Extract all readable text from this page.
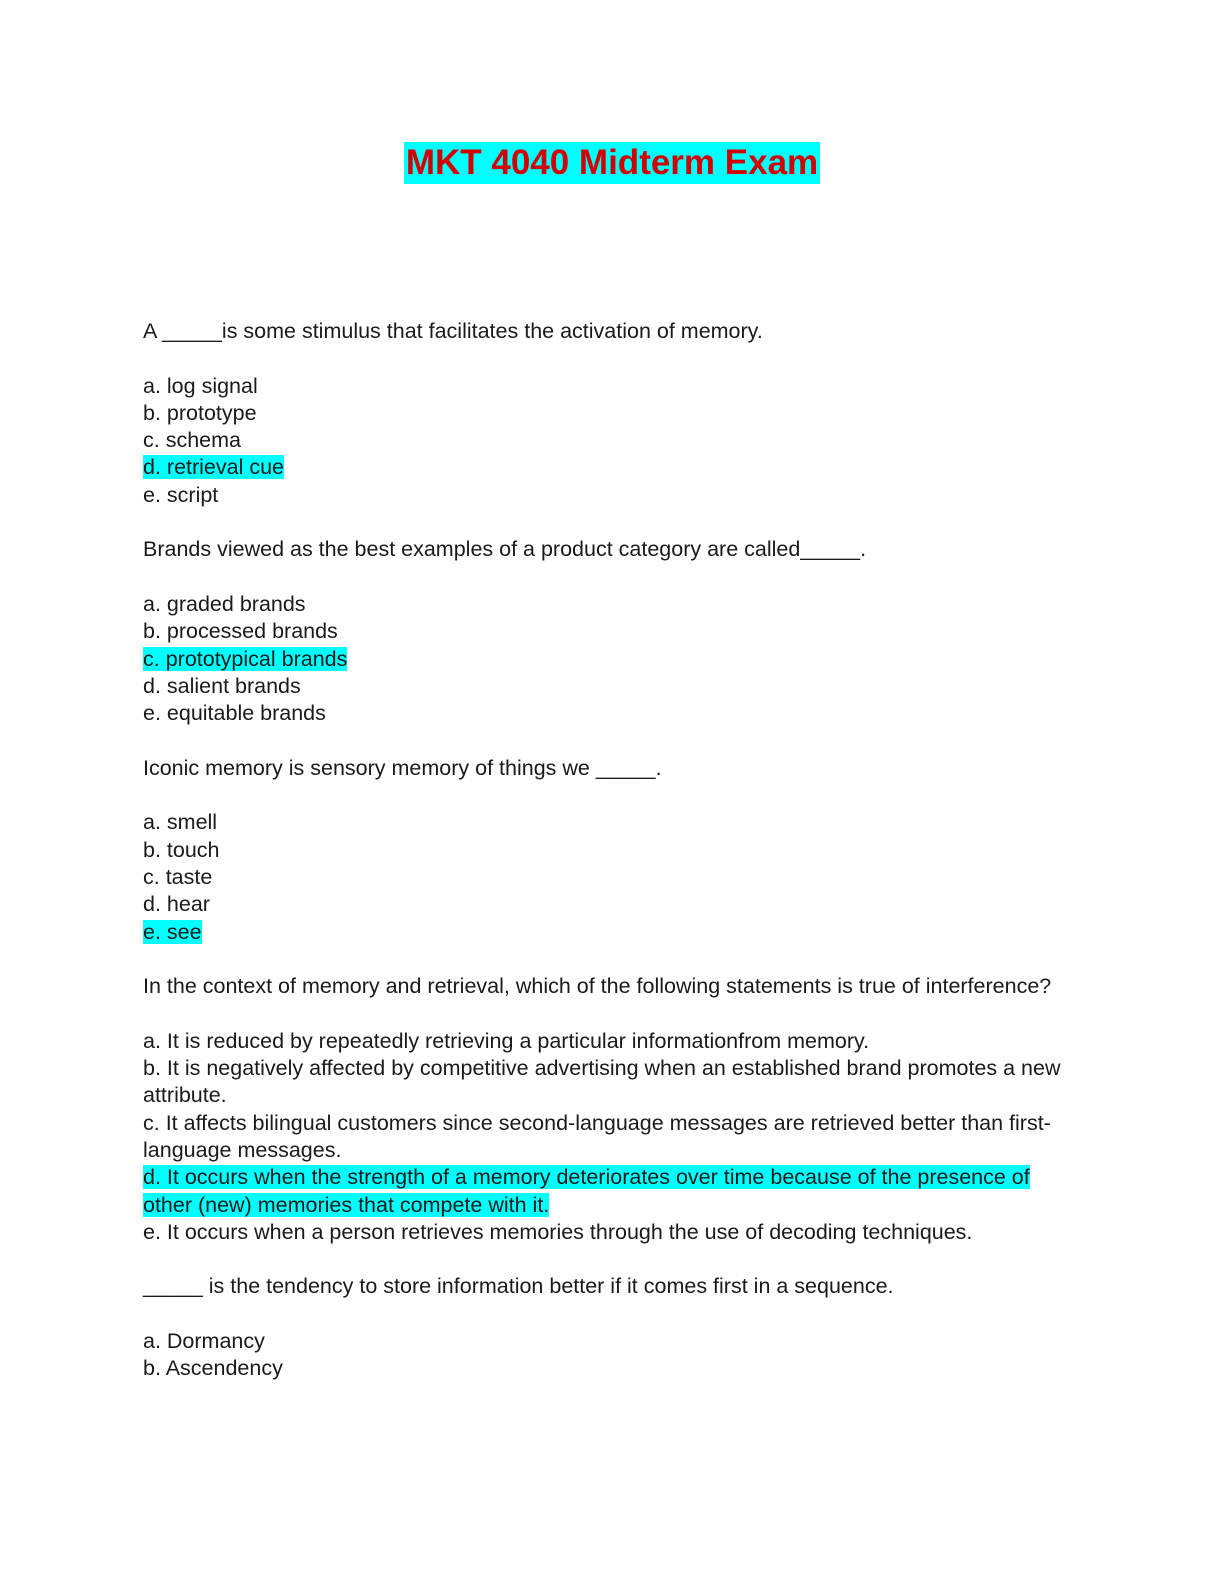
MKT 4040 Midterm Exam
A _____is some stimulus that facilitates the activation of memory.
a. log signal
b. prototype
c. schema
d. retrieval cue
e. script
Brands viewed as the best examples of a product category are called_____.
a. graded brands
b. processed brands
c. prototypical brands
d. salient brands
e. equitable brands
Iconic memory is sensory memory of things we _____.
a. smell
b. touch
c. taste
d. hear
e. see
In the context of memory and retrieval, which of the following statements is true of interference?
a. It is reduced by repeatedly retrieving a particular informationfrom memory.
b. It is negatively affected by competitive advertising when an established brand promotes a new attribute.
c. It affects bilingual customers since second-language messages are retrieved better than first-language messages.
d. It occurs when the strength of a memory deteriorates over time because of the presence of other (new) memories that compete with it.
e. It occurs when a person retrieves memories through the use of decoding techniques.
_____ is the tendency to store information better if it comes first in a sequence.
a. Dormancy
b. Ascendency
